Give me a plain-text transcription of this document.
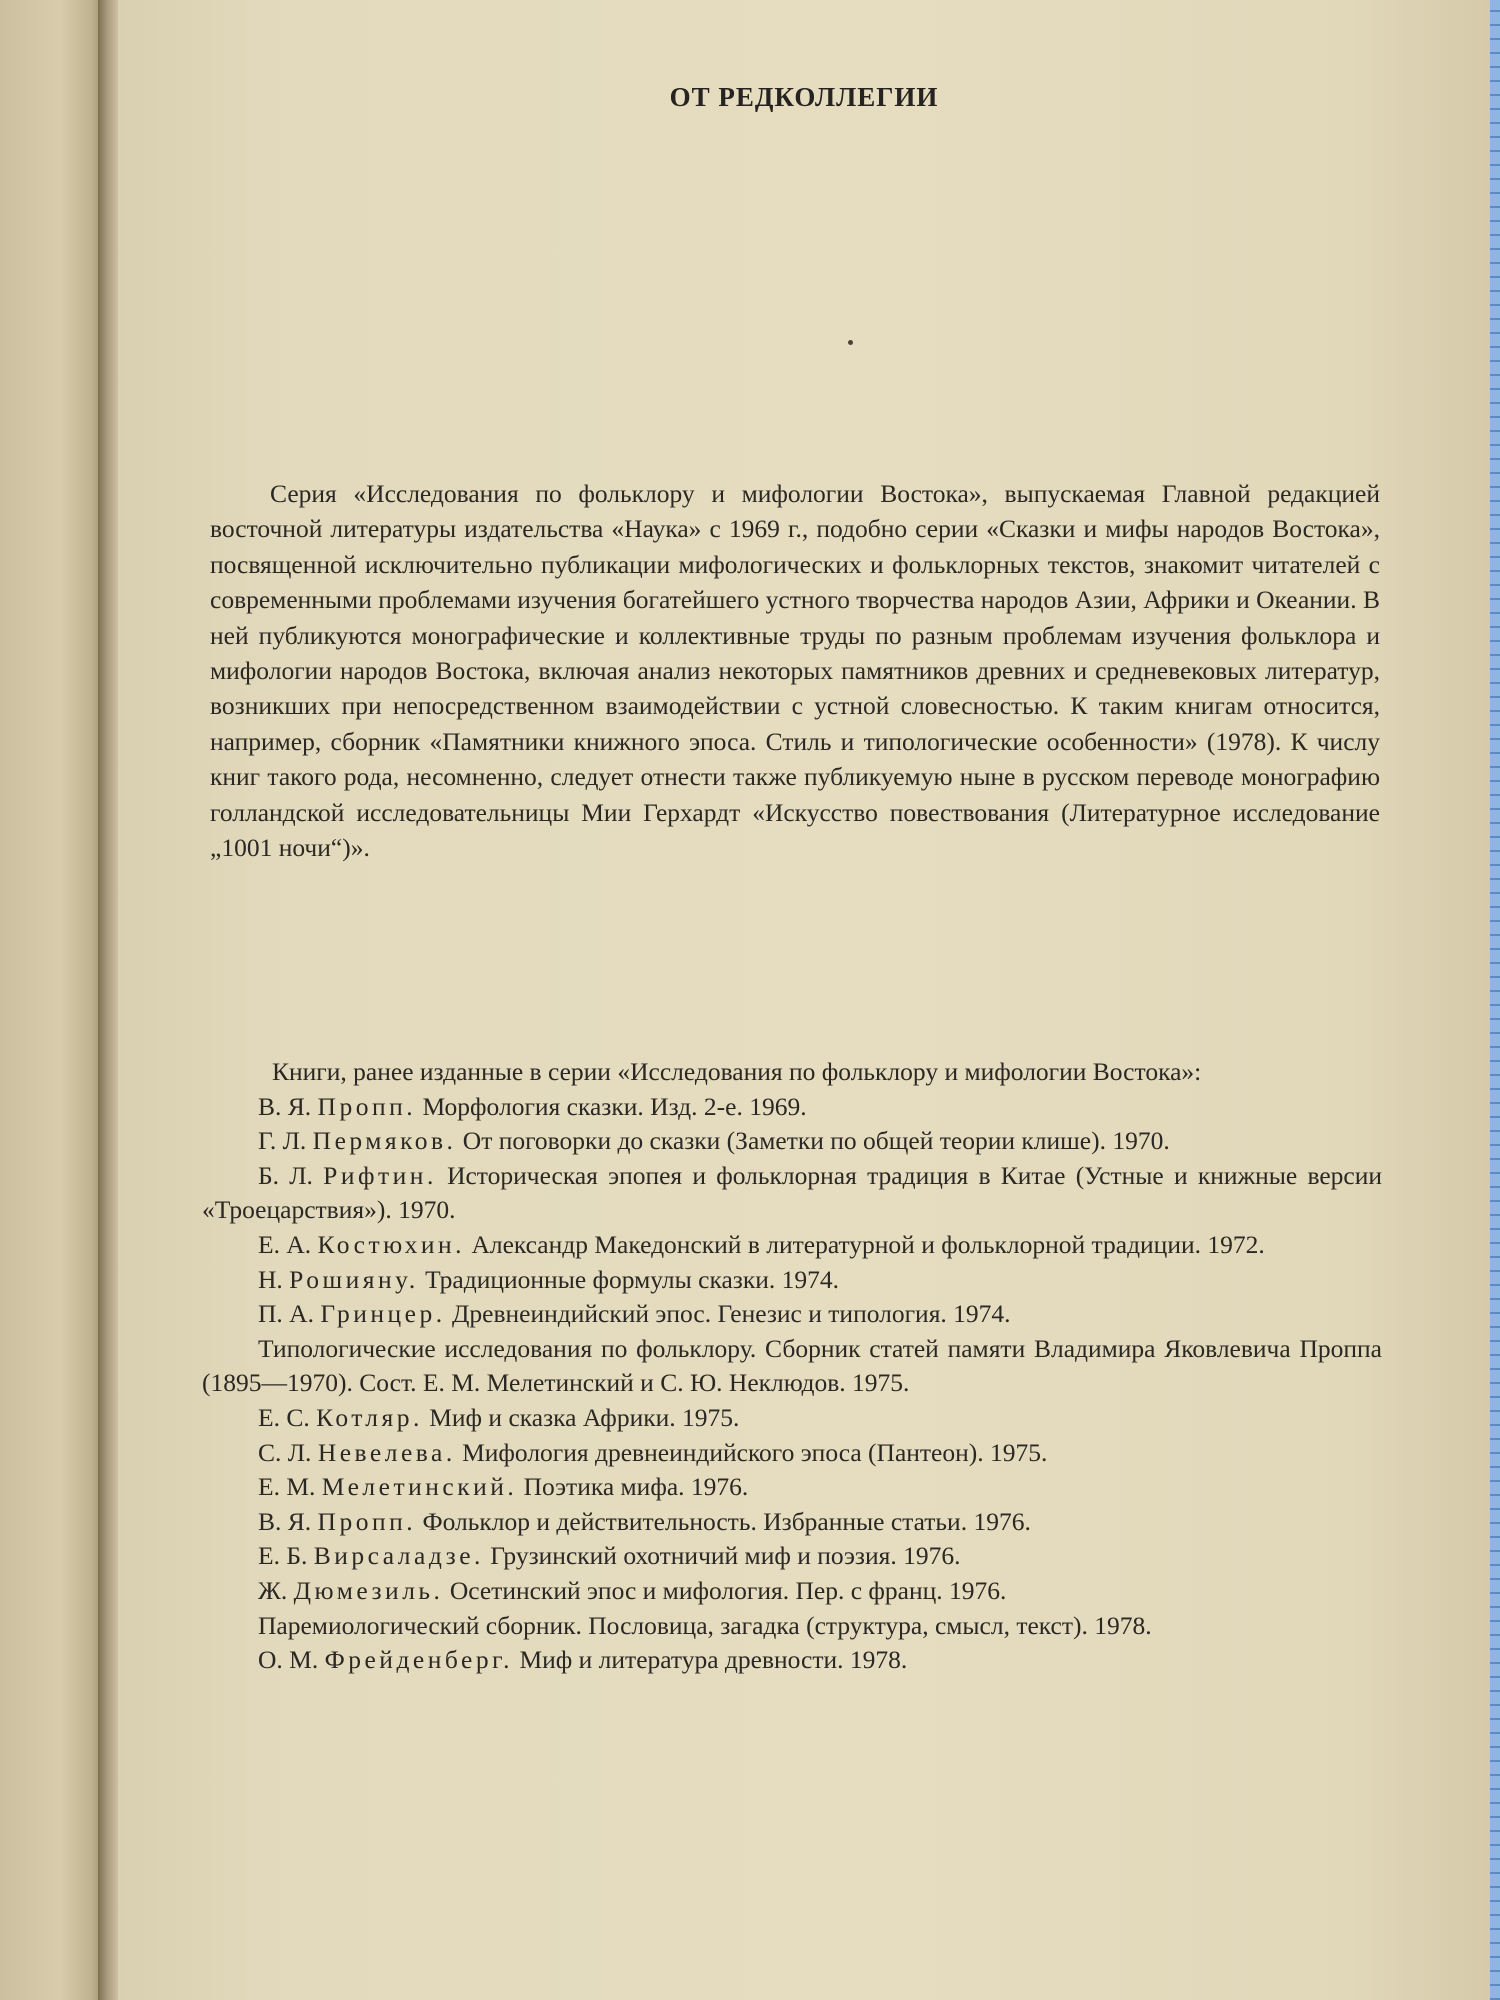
ОТ РЕДКОЛЛЕГИИ

Серия «Исследования по фольклору и мифологии Востока», выпускаемая Главной редакцией восточной литературы издательства «Наука» с 1969 г., подобно серии «Сказки и мифы народов Востока», посвященной исключительно публикации мифологических и фольклорных текстов, знакомит читателей с современными проблемами изучения богатейшего устного творчества народов Азии, Африки и Океании. В ней публикуются монографические и коллективные труды по разным проблемам изучения фольклора и мифологии народов Востока, включая анализ некоторых памятников древних и средневековых литератур, возникших при непосредственном взаимодействии с устной словесностью. К таким книгам относится, например, сборник «Памятники книжного эпоса. Стиль и типологические особенности» (1978). К числу книг такого рода, несомненно, следует отнести также публикуемую ныне в русском переводе монографию голландской исследовательницы Мии Герхардт «Искусство повествования (Литературное исследование „1001 ночи“)».

Книги, ранее изданные в серии «Исследования по фольклору и мифологии Востока»:

В. Я. Пропп. Морфология сказки. Изд. 2-е. 1969.

Г. Л. Пермяков. От поговорки до сказки (Заметки по общей теории клише). 1970.

Б. Л. Рифтин. Историческая эпопея и фольклорная традиция в Китае (Устные и книжные версии «Троецарствия»). 1970.

Е. А. Костюхин. Александр Македонский в литературной и фольклорной традиции. 1972.

Н. Рошияну. Традиционные формулы сказки. 1974.

П. А. Гринцер. Древнеиндийский эпос. Генезис и типология. 1974.

Типологические исследования по фольклору. Сборник статей памяти Владимира Яковлевича Проппа (1895—1970). Сост. Е. М. Мелетинский и С. Ю. Неклюдов. 1975.

Е. С. Котляр. Миф и сказка Африки. 1975.

С. Л. Невелева. Мифология древнеиндийского эпоса (Пантеон). 1975.

Е. М. Мелетинский. Поэтика мифа. 1976.

В. Я. Пропп. Фольклор и действительность. Избранные статьи. 1976.

Е. Б. Вирсаладзе. Грузинский охотничий миф и поэзия. 1976.

Ж. Дюмезиль. Осетинский эпос и мифология. Пер. с франц. 1976.

Паремиологический сборник. Пословица, загадка (структура, смысл, текст). 1978.

О. М. Фрейденберг. Миф и литература древности. 1978.
